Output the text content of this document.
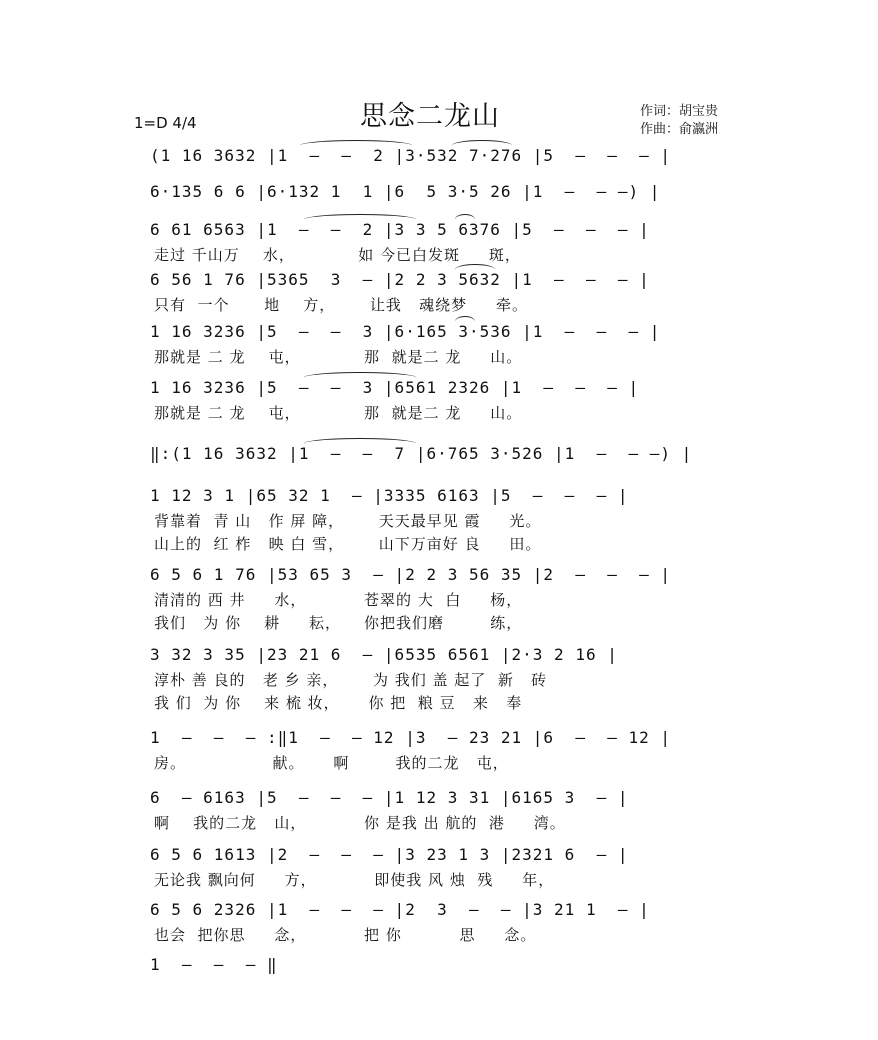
思念二龙山
1=D 4/4
作词：胡宝贵
作曲：俞瀛洲
(1 16 3632 |1  —  —  2 |3·532 7·276 |5  —  —  — |
6·135 6 6 |6·132 1  1 |6  5 3·5 26 |1  —  — —) |
6 61 6563 |1  —  —  2 |3 3 5 6376 |5  —  —  — |
走过 千山万    水，           如 今已白发斑     斑，
6 56 1 76 |5365  3  — |2 2 3 5632 |1  —  —  — |
只有  一个      地    方，      让我   魂绕梦     牵。
1 16 3236 |5  —  —  3 |6·165 3·536 |1  —  —  — |
那就是 二 龙    屯，           那  就是二 龙     山。
1 16 3236 |5  —  —  3 |6561 2326 |1  —  —  — |
那就是 二 龙    屯，           那  就是二 龙     山。
‖:(1 16 3632 |1  —  —  7 |6·765 3·526 |1  —  — —) |
1 12 3 1 |65 32 1  — |3335 6163 |5  —  —  — |
背靠着  青 山   作 屏 障，      天天最早见 霞     光。
山上的  红 柞   映 白 雪，      山下万亩好 良     田。
6 5 6 1 76 |53 65 3  — |2 2 3 56 35 |2  —  —  — |
清清的 西 井     水，          苍翠的 大  白     杨，
我们   为 你    耕     耘，    你把我们磨        练，
3 32 3 35 |23 21 6  — |6535 6561 |2·3 2 16 |
淳朴 善 良的   老 乡 亲，      为 我们 盖 起了  新   砖
我 们  为 你    来 梳 妆，     你 把  粮 豆   来   奉
1  —  —  — :‖1  —  — 12 |3  — 23 21 |6  —  — 12 |
房。               献。     啊        我的二龙   屯，
6  — 6163 |5  —  —  — |1 12 3 31 |6165 3  — |
啊    我的二龙   山，          你 是我 出 航的  港     湾。
6 5 6 1613 |2  —  —  — |3 23 1 3 |2321 6  — |
无论我 飘向何     方，          即使我 风 烛  残     年，
6 5 6 2326 |1  —  —  — |2  3  —  — |3 21 1  — |
也会  把你思     念，          把 你          思     念。
1  —  —  — ‖
